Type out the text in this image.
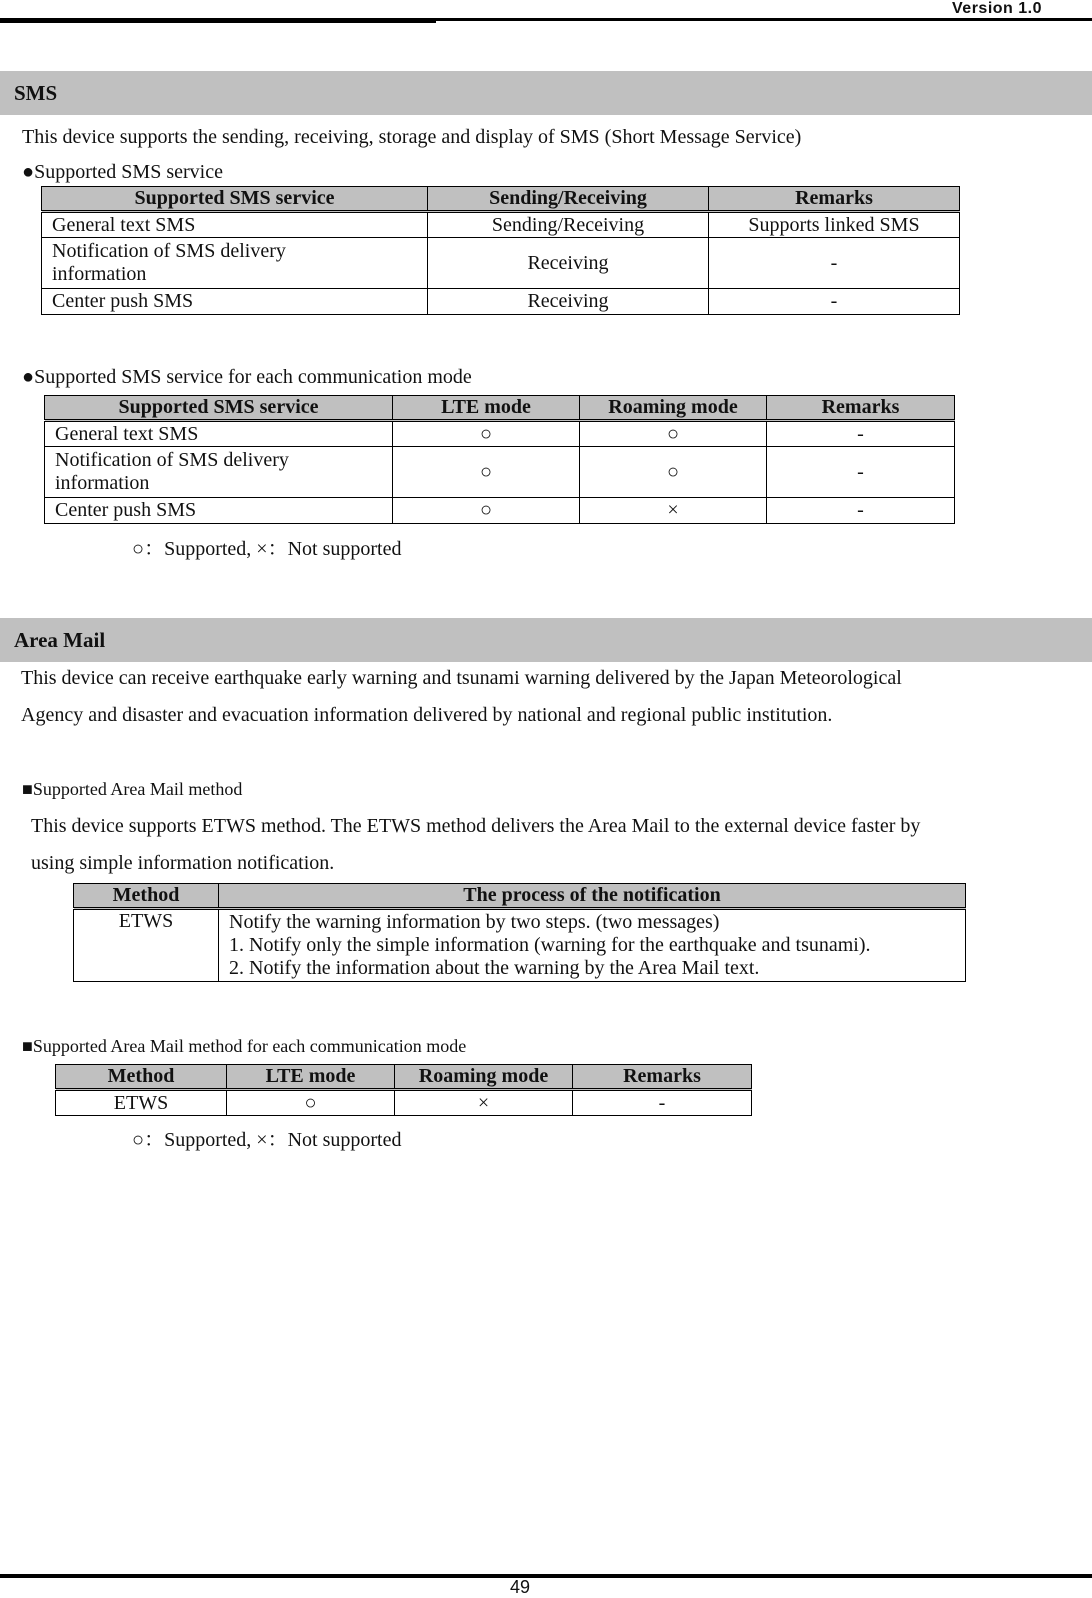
Version 1.0
SMS
This device supports the sending, receiving, storage and display of SMS (Short Message Service)
●Supported SMS service
Supported SMS service	Sending/Receiving	Remarks
General text SMS	Sending/Receiving	Supports linked SMS
Notification of SMS delivery information	Receiving	-
Center push SMS	Receiving	-
●Supported SMS service for each communication mode
Supported SMS service	LTE mode	Roaming mode	Remarks
General text SMS	○	○	-
Notification of SMS delivery information	○	○	-
Center push SMS	○	×	-
○：Supported, ×：Not supported
Area Mail
This device can receive earthquake early warning and tsunami warning delivered by the Japan Meteorological
Agency and disaster and evacuation information delivered by national and regional public institution.
■Supported Area Mail method
This device supports ETWS method. The ETWS method delivers the Area Mail to the external device faster by
using simple information notification.
Method	The process of the notification
ETWS	Notify the warning information by two steps. (two messages)
1. Notify only the simple information (warning for the earthquake and tsunami).
2. Notify the information about the warning by the Area Mail text.
■Supported Area Mail method for each communication mode
Method	LTE mode	Roaming mode	Remarks
ETWS	○	×	-
○：Supported, ×：Not supported
49
